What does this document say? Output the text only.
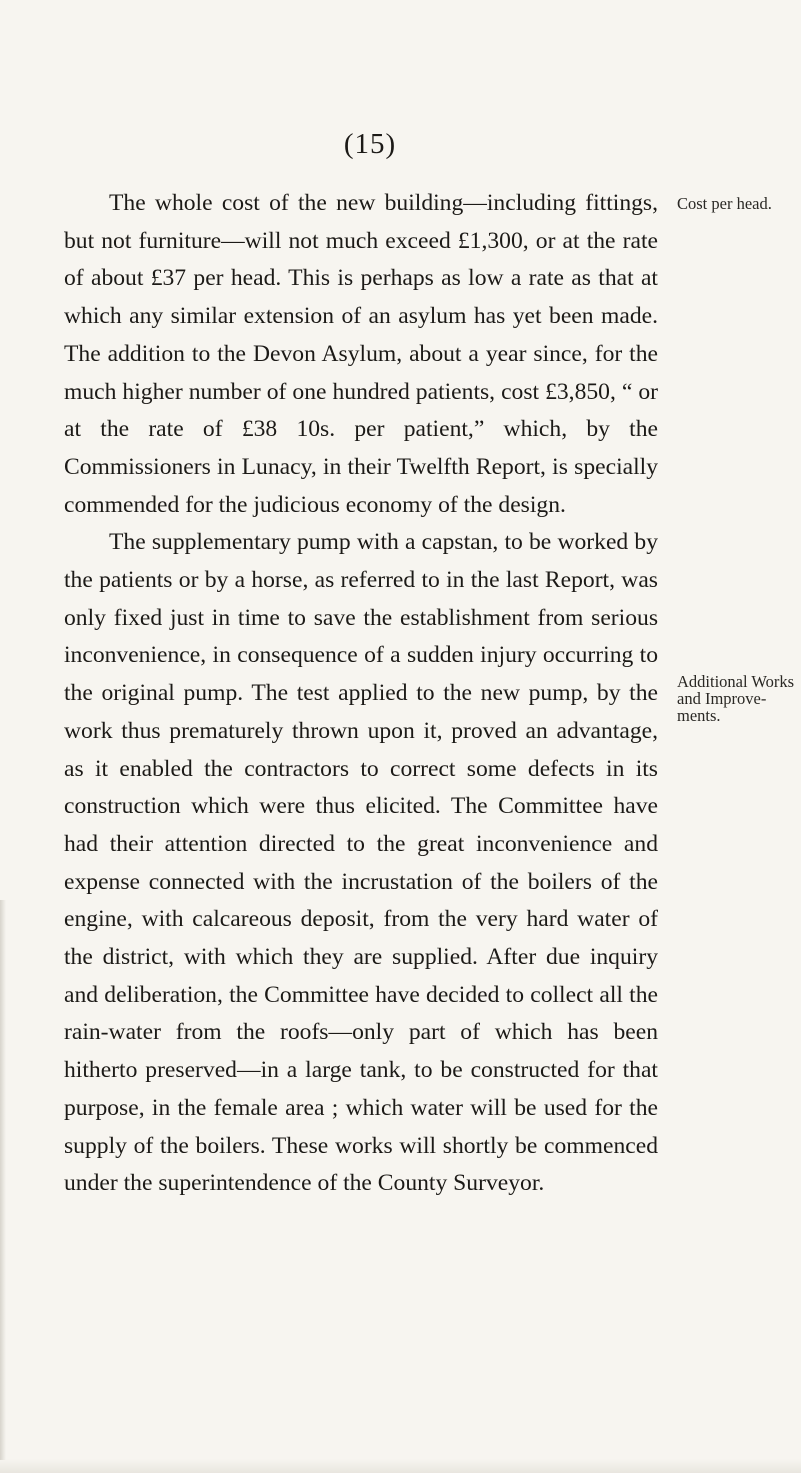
(15)

The whole cost of the new building—including fittings, but not furniture—will not much exceed £1,300, or at the rate of about £37 per head. This is perhaps as low a rate as that at which any similar extension of an asylum has yet been made. The addition to the Devon Asylum, about a year since, for the much higher number of one hundred patients, cost £3,850, “ or at the rate of £38 10s. per patient,” which, by the Commissioners in Lunacy, in their Twelfth Report, is specially commended for the judicious economy of the design.

The supplementary pump with a capstan, to be worked by the patients or by a horse, as referred to in the last Report, was only fixed just in time to save the establishment from serious inconvenience, in consequence of a sudden injury occurring to the original pump. The test applied to the new pump, by the work thus prematurely thrown upon it, proved an advantage, as it enabled the contractors to correct some defects in its construction which were thus elicited. The Committee have had their attention directed to the great inconvenience and expense connected with the incrustation of the boilers of the engine, with calcareous deposit, from the very hard water of the district, with which they are supplied. After due inquiry and deliberation, the Committee have decided to collect all the rain-water from the roofs—only part of which has been hitherto preserved—in a large tank, to be constructed for that purpose, in the female area ; which water will be used for the supply of the boilers. These works will shortly be commenced under the superintendence of the County Surveyor.

Cost per head.
Additional Works and Improvements.
